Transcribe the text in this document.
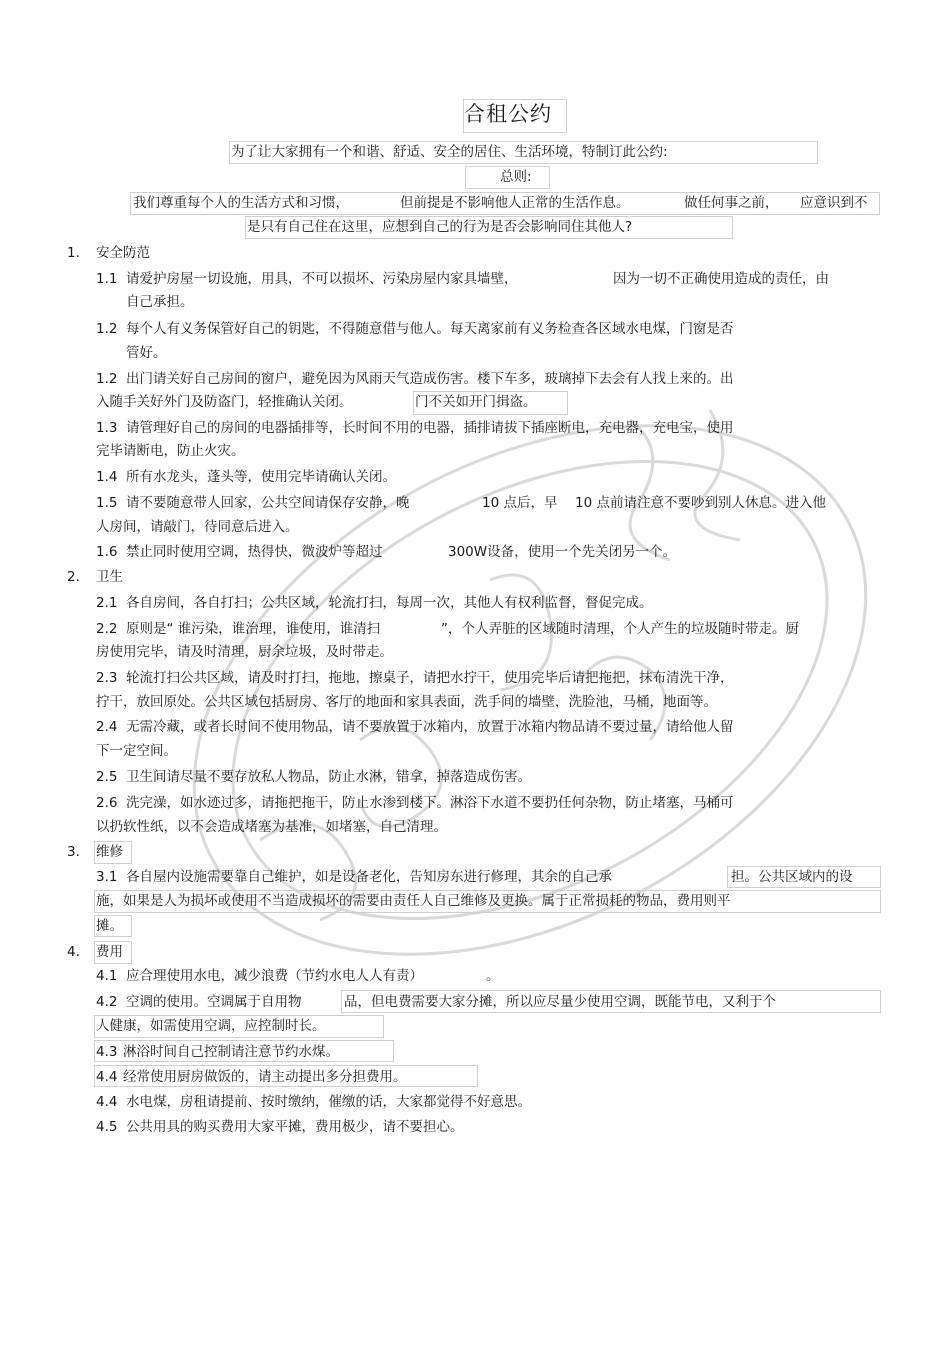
合租公约
为了让大家拥有一个和谐、舒适、安全的居住、生活环境，特制订此公约:
总则:
我们尊重每个人的生活方式和习惯，	但前提是不影响他人正常的生活作息。	做任何事之前， 应意识到不
是只有自己住在这里，应想到自己的行为是否会影响同住其他人?
1. 安全防范
1.1 请爱护房屋一切设施，用具，不可以损坏、污染房屋内家具墙壁，	因为一切不正确使用造成的责任，由
自己承担。
1.2 每个人有义务保管好自己的钥匙，不得随意借与他人。每天离家前有义务检查各区域水电煤，门窗是否
管好。
1.2 出门请关好自己房间的窗户，避免因为风雨天气造成伤害。楼下车多，玻璃掉下去会有人找上来的。出
入随手关好外门及防盗门，轻推确认关闭。	门不关如开门揖盗。
1.3 请管理好自己的房间的电器插排等，长时间不用的电器，插排请拔下插座断电，充电器，充电宝，使用
完毕请断电，防止火灾。
1.4 所有水龙头，蓬头等，使用完毕请确认关闭。
1.5 请不要随意带人回家，公共空间请保存安静，晚	10 点后，早 10 点前请注意不要吵到别人休息。进入他
人房间，请敲门，待同意后进入。
1.6 禁止同时使用空调，热得快，微波炉等超过	300W设备，使用一个先关闭另一个。
2. 卫生
2.1 各自房间，各自打扫；公共区域，轮流打扫，每周一次，其他人有权利监督，督促完成。
2.2 原则是“ 谁污染，谁治理，谁使用，谁清扫	”，个人弄脏的区域随时清理，个人产生的垃圾随时带走。厨
房使用完毕，请及时清理，厨余垃圾，及时带走。
2.3 轮流打扫公共区域，请及时打扫，拖地，擦桌子，请把水拧干，使用完毕后请把拖把，抹布清洗干净，
拧干，放回原处。公共区域包括厨房、客厅的地面和家具表面，洗手间的墙壁，洗脸池，马桶，地面等。
2.4 无需冷藏，或者长时间不使用物品，请不要放置于冰箱内，放置于冰箱内物品请不要过量，请给他人留
下一定空间。
2.5 卫生间请尽量不要存放私人物品，防止水淋，错拿，掉落造成伤害。
2.6 洗完澡，如水迹过多，请拖把拖干，防止水渗到楼下。淋浴下水道不要扔任何杂物，防止堵塞，马桶可
以扔软性纸，以不会造成堵塞为基准，如堵塞，自己清理。
3. 维修
3.1 各自屋内设施需要靠自己维护，如是设备老化，告知房东进行修理，其余的自己承	担。公共区域内的设
施，如果是人为损坏或使用不当造成损坏的需要由责任人自己维修及更换。属于正常损耗的物品，费用则平
摊。
4. 费用
4.1 应合理使用水电，减少浪费（节约水电人人有责）	。
4.2 空调的使用。空调属于自用物	品，但电费需要大家分摊，所以应尽量少使用空调，既能节电，又利于个
人健康，如需使用空调，应控制时长。
4.3 淋浴时间自己控制请注意节约水煤。
4.4 经常使用厨房做饭的，请主动提出多分担费用。
4.4 水电煤，房租请提前、按时缴纳，催缴的话，大家都觉得不好意思。
4.5 公共用具的购买费用大家平摊，费用极少，请不要担心。
